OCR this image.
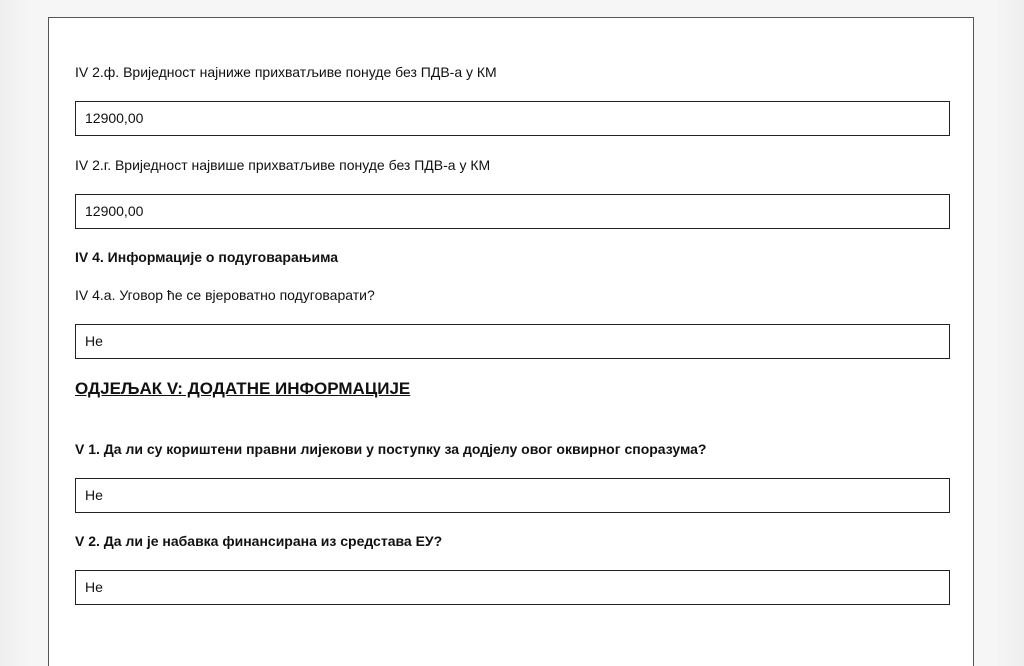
IV 2.ф. Вриједност најниже прихватљиве понуде без ПДВ-а у КМ
12900,00
IV 2.г. Вриједност највише прихватљиве понуде без ПДВ-а у КМ
12900,00
IV 4. Информације о подуговарањима
IV 4.а. Уговор ће се вјероватно подуговарати?
Не
ОДЈЕЉАК V: ДОДАТНЕ ИНФОРМАЦИЈЕ
V 1. Да ли су кориштени правни лијекови у поступку за додјелу овог оквирног споразума?
Не
V 2. Да ли је набавка финансирана из средстава ЕУ?
Не
